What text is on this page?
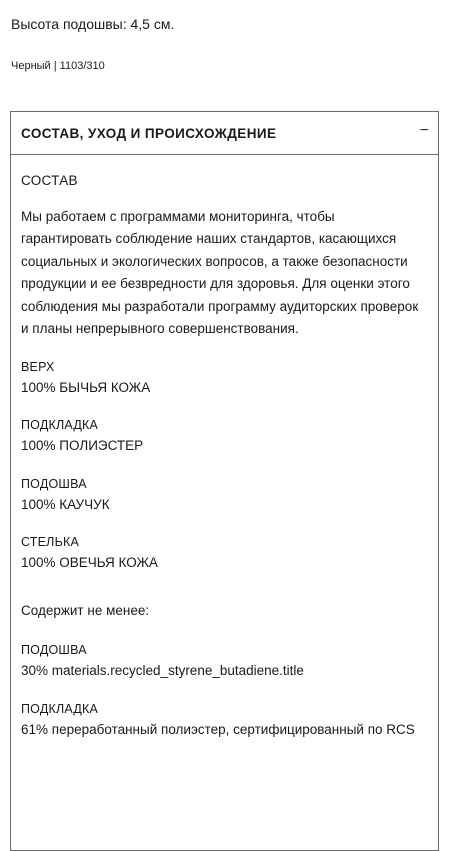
Высота подошвы: 4,5 см.
Черный | 1103/310
СОСТАВ, УХОД И ПРОИСХОЖДЕНИЕ	−
СОСТАВ
Мы работаем с программами мониторинга, чтобы гарантировать соблюдение наших стандартов, касающихся социальных и экологических вопросов, а также безопасности продукции и ее безвредности для здоровья. Для оценки этого соблюдения мы разработали программу аудиторских проверок и планы непрерывного совершенствования.
ВЕРХ
100% БЫЧЬЯ КОЖА
ПОДКЛАДКА
100% ПОЛИЭСТЕР
ПОДОШВА
100% КАУЧУК
СТЕЛЬКА
100% ОВЕЧЬЯ КОЖА
Содержит не менее:
ПОДОШВА
30% materials.recycled_styrene_butadiene.title
ПОДКЛАДКА
61% переработанный полиэстер, сертифицированный по RCS
